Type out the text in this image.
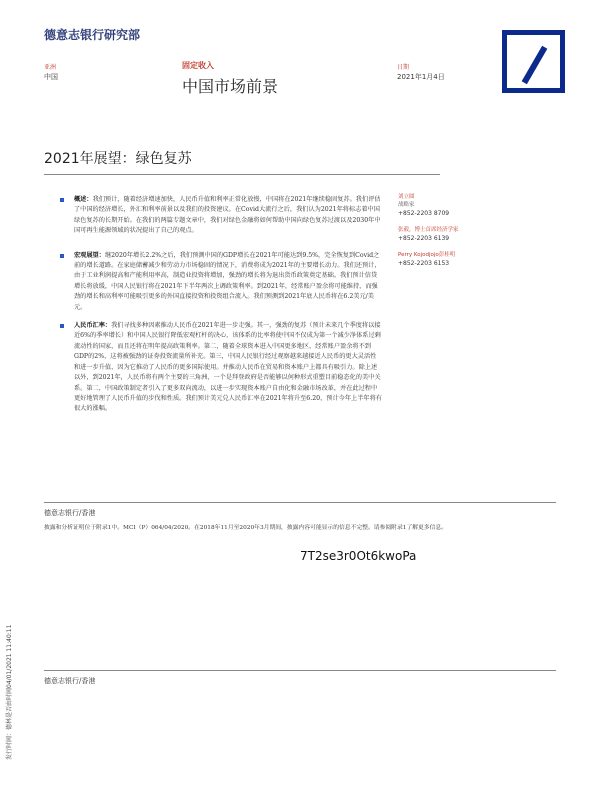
德意志银行研究部
亚洲
中国
固定收入
中国市场前景
日期
2021年1月4日
2021年展望：绿色复苏
概述：我们预计，随着经济增速加快，人民币升值和利率正常化放慢，中国将在2021年继续稳固复苏。我们评估了中国的经济增长，外汇和利率前景以及我们的投资建议。在Covid大流行之后，我们认为2021年将标志着中国绿色复苏的长期开始。在我们的两篇专题文章中，我们对绿色金融将如何帮助中国向绿色复苏过渡以及2030年中国可再生能源领域的状况提出了自己的观点。
宏观展望：继2020年增长2.2%之后，我们预测中国的GDP增长在2021年可能达到9.5%，完全恢复到Covid之前的增长道路。在家庭储蓄减少和劳动力市场稳固的情况下，消费将成为2021年的主要增长动力。我们还预计，由于工业利润提高和产能利用率高，制造业投资将增加，强劲的增长将为退出货币政策奠定基础。我们预计信贷增长将放缓，中国人民银行将在2021年下半年两次上调政策利率。到2021年，经常账户盈余将可能维持，而强劲的增长和高利率可能吸引更多的外国直接投资和投资组合流入。我们预测到2021年底人民币将在6.2美元/美元。
人民币汇率：我们寻找多种因素推动人民币在2021年进一步走强。其一，强劲的复苏（预计未来几个季度将以接近6%的季率增长）和中国人民银行降低宏观杠杆的决心，该体系的比率将使中国不仅成为第一个减少净体系过剩流动性的国家，而且还将在明年提高政策利率。第二，随着全球资本进入中国更多地区，经常账户盈余将不到GDP的2%，这将被强劲的证券投资流量所补充。第三，中国人民银行经过观察越来越接近人民币的更大灵活性和进一步升值，因为它推动了人民币的更多国际使用。并推动人民币在贸易和资本账户上都具有吸引力。除上述以外，到2021年，人民币将有两个主要的三角洲，一个是拜登政府是否能够以何种形式重塑目前稳态化的美中关系。第二，中国政策制定者引入了更多双向流动，以进一步实现资本账户自由化和金融市场改革，并在此过程中更好地管理了人民币升值的步伐和性质。我们预计美元兑人民币汇率在2021年将升至6.20，预计今年上半年将有很大的涨幅。
刘立圆
战略家
+852-2203 8709
张毅，博士首席经济学家
+852-2203 6139
Perry Kojodjojo彭桂明
+852-2203 6153
德意志银行/香港
披露和分析证明位于附录1中。MCI（P）064/04/2020。在2018年11月至2020年3月期间，披露内容可能显示的信息不完整。请参阅附录1了解更多信息。
7T2se3r0Ot6kwoPa
德意志银行/香港
发行时间：德林是否由时间04/01/2021 11:40:11
